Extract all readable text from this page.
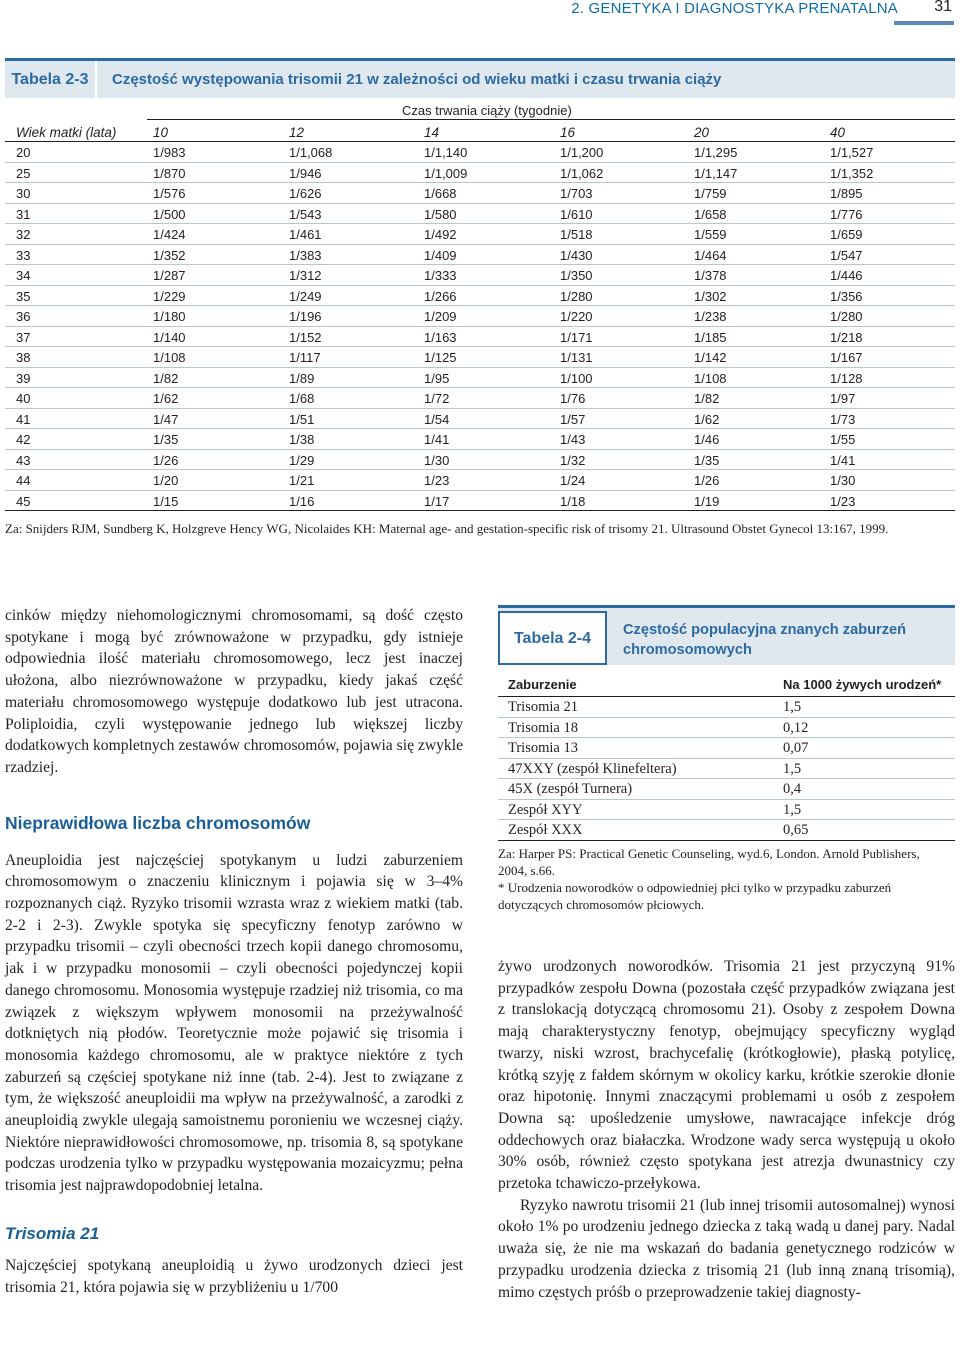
2. GENETYKA I DIAGNOSTYKA PRENATALNA 31
Tabela 2-3	Częstość występowania trisomii 21 w zależności od wieku matki i czasu trwania ciąży
Czas trwania ciąży (tygodnie)
Wiek matki (lata)	10	12	14	16	20	40
20	1/983	1/1,068	1/1,140	1/1,200	1/1,295	1/1,527
25	1/870	1/946	1/1,009	1/1,062	1/1,147	1/1,352
30	1/576	1/626	1/668	1/703	1/759	1/895
31	1/500	1/543	1/580	1/610	1/658	1/776
32	1/424	1/461	1/492	1/518	1/559	1/659
33	1/352	1/383	1/409	1/430	1/464	1/547
34	1/287	1/312	1/333	1/350	1/378	1/446
35	1/229	1/249	1/266	1/280	1/302	1/356
36	1/180	1/196	1/209	1/220	1/238	1/280
37	1/140	1/152	1/163	1/171	1/185	1/218
38	1/108	1/117	1/125	1/131	1/142	1/167
39	1/82	1/89	1/95	1/100	1/108	1/128
40	1/62	1/68	1/72	1/76	1/82	1/97
41	1/47	1/51	1/54	1/57	1/62	1/73
42	1/35	1/38	1/41	1/43	1/46	1/55
43	1/26	1/29	1/30	1/32	1/35	1/41
44	1/20	1/21	1/23	1/24	1/26	1/30
45	1/15	1/16	1/17	1/18	1/19	1/23
Za: Snijders RJM, Sundberg K, Holzgreve Hency WG, Nicolaides KH: Maternal age- and gestation-specific risk of trisomy 21. Ultrasound Obstet Gynecol 13:167, 1999.

cinków między niehomologicznymi chromosomami, są dość często spotykane i mogą być zrównoważone w przypadku, gdy istnieje odpowiednia ilość materiału chromosomowego, lecz jest inaczej ułożona, albo niezrównoważone w przypadku, kiedy jakaś część materiału chromosomowego występuje dodatkowo lub jest utracona. Poliploidia, czyli występowanie jednego lub większej liczby dodatkowych kompletnych zestawów chromosomów, pojawia się zwykle rzadziej.

Nieprawidłowa liczba chromosomów

Aneuploidia jest najczęściej spotykanym u ludzi zaburzeniem chromosomowym o znaczeniu klinicznym i pojawia się w 3–4% rozpoznanych ciąż. Ryzyko trisomii wzrasta wraz z wiekiem matki (tab. 2-2 i 2-3). Zwykle spotyka się specyficzny fenotyp zarówno w przypadku trisomii – czyli obecności trzech kopii danego chromosomu, jak i w przypadku monosomii – czyli obecności pojedynczej kopii danego chromosomu. Monosomia występuje rzadziej niż trisomia, co ma związek z większym wpływem monosomii na przeżywalność dotkniętych nią płodów. Teoretycznie może pojawić się trisomia i monosomia każdego chromosomu, ale w praktyce niektóre z tych zaburzeń są częściej spotykane niż inne (tab. 2-4). Jest to związane z tym, że większość aneuploidii ma wpływ na przeżywalność, a zarodki z aneuploidią zwykle ulegają samoistnemu poronieniu we wczesnej ciąży. Niektóre nieprawidłowości chromosomowe, np. trisomia 8, są spotykane podczas urodzenia tylko w przypadku występowania mozaicyzmu; pełna trisomia jest najprawdopodobniej letalna.

Trisomia 21

Najczęściej spotykaną aneuploidią u żywo urodzonych dzieci jest trisomia 21, która pojawia się w przybliżeniu u 1/700

Tabela 2-4	Częstość populacyjna znanych zaburzeń chromosomowych
Zaburzenie	Na 1000 żywych urodzeń*
Trisomia 21	1,5
Trisomia 18	0,12
Trisomia 13	0,07
47XXY (zespół Klinefeltera)	1,5
45X (zespół Turnera)	0,4
Zespół XYY	1,5
Zespół XXX	0,65
Za: Harper PS: Practical Genetic Counseling, wyd.6, London. Arnold Publishers, 2004, s.66.
* Urodzenia noworodków o odpowiedniej płci tylko w przypadku zaburzeń dotyczących chromosomów płciowych.

żywo urodzonych noworodków. Trisomia 21 jest przyczyną 91% przypadków zespołu Downa (pozostała część przypadków związana jest z translokacją dotyczącą chromosomu 21). Osoby z zespołem Downa mają charakterystyczny fenotyp, obejmujący specyficzny wygląd twarzy, niski wzrost, brachycefalię (krótkogłowie), płaską potylicę, krótką szyję z fałdem skórnym w okolicy karku, krótkie szerokie dłonie oraz hipotonię. Innymi znaczącymi problemami u osób z zespołem Downa są: upośledzenie umysłowe, nawracające infekcje dróg oddechowych oraz białaczka. Wrodzone wady serca występują u około 30% osób, również często spotykana jest atrezja dwunastnicy czy przetoka tchawiczo-przełykowa.

Ryzyko nawrotu trisomii 21 (lub innej trisomii autosomalnej) wynosi około 1% po urodzeniu jednego dziecka z taką wadą u danej pary. Nadal uważa się, że nie ma wskazań do badania genetycznego rodziców w przypadku urodzenia dziecka z trisomią 21 (lub inną znaną trisomią), mimo częstych próśb o przeprowadzenie takiej diagnosty-
